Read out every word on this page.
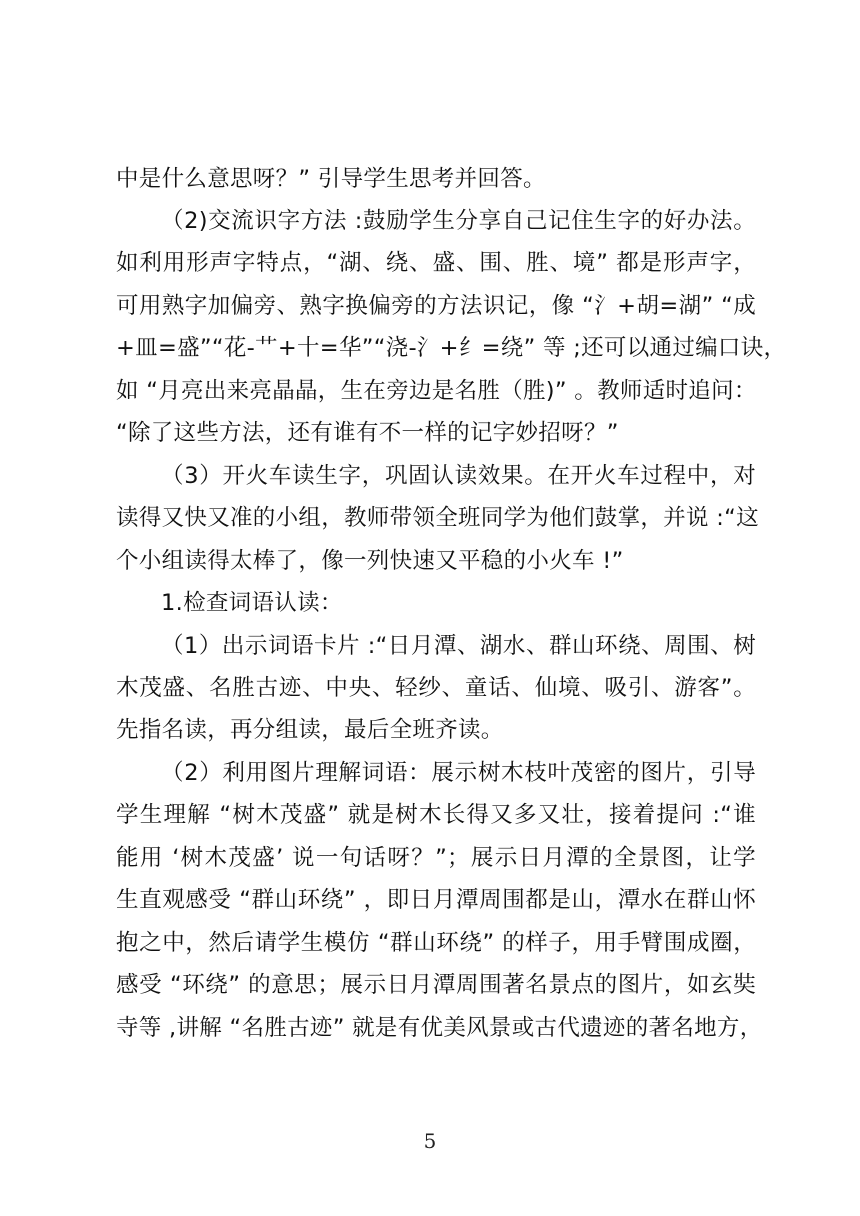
中是什么意思呀？” 引导学生思考并回答。
（2)交流识字方法 :鼓励学生分享自己记住生字的好办法。
如利用形声字特点，“湖、绕、盛、围、胜、境” 都是形声字，
可用熟字加偏旁、熟字换偏旁的方法识记，像 “氵+胡=湖” “成
+皿=盛”“花-艹+十=华”“浇-氵+纟=绕” 等 ;还可以通过编口诀，
如 “月亮出来亮晶晶，生在旁边是名胜（胜)” 。教师适时追问：
“除了这些方法，还有谁有不一样的记字妙招呀？”
（3）开火车读生字，巩固认读效果。在开火车过程中，对
读得又快又准的小组，教师带领全班同学为他们鼓掌，并说 :“这
个小组读得太棒了，像一列快速又平稳的小火车 !”
1.检查词语认读：
（1）出示词语卡片 :“日月潭、湖水、群山环绕、周围、树
木茂盛、名胜古迹、中央、轻纱、童话、仙境、吸引、游客”。
先指名读，再分组读，最后全班齐读。
（2）利用图片理解词语：展示树木枝叶茂密的图片，引导
学生理解 “树木茂盛” 就是树木长得又多又壮，接着提问 :“谁
能用 ‘树木茂盛’ 说一句话呀？”；展示日月潭的全景图，让学
生直观感受 “群山环绕” ，即日月潭周围都是山，潭水在群山怀
抱之中，然后请学生模仿 “群山环绕” 的样子，用手臂围成圈，
感受 “环绕” 的意思；展示日月潭周围著名景点的图片，如玄奘
寺等 ,讲解 “名胜古迹” 就是有优美风景或古代遗迹的著名地方，
5
